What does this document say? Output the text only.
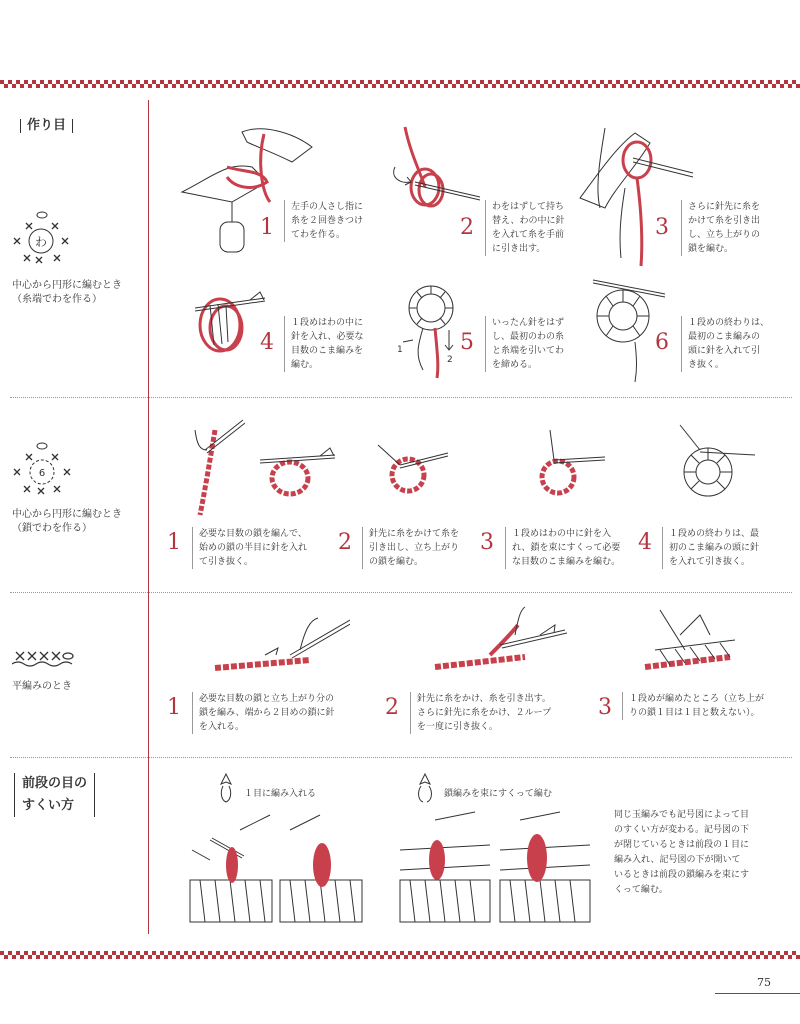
作り目
わ
中心から円形に編むとき
（糸端でわを作る）
1
左手の人さし指に
糸を２回巻きつけ
てわを作る。	2
わをはずして持ち
替え、わの中に針
を入れて糸を手前
に引き出す。
3
さらに針先に糸を
かけて糸を引き出
し、立ち上がりの
鎖を編む。
4
１段めはわの中に
針を入れ、必要な
目数のこま編みを
編む。
1
2
5
いったん針をはず
し、最初のわの糸
と糸端を引いてわ
を締める。
6
１段めの終わりは、
最初のこま編みの
頭に針を入れて引
き抜く。
6
中心から円形に編むとき
（鎖でわを作る）
1	必要な目数の鎖を編んで、
始めの鎖の半目に針を入れ
て引き抜く。
2	針先に糸をかけて糸を
引き出し、立ち上がり
の鎖を編む。
3	１段めはわの中に針を入
れ、鎖を束にすくって必要
な目数のこま編みを編む。
4	１段めの終わりは、最
初のこま編みの頭に針
を入れて引き抜く。
平編みのとき
1	必要な目数の鎖と立ち上がり分の
鎖を編み、端から２目めの鎖に針
を入れる。
2	針先に糸をかけ、糸を引き出す。
さらに針先に糸をかけ、２ループ
を一度に引き抜く。
3	１段めが編めたところ（立ち上が
りの鎖１目は１目と数えない）。
前段の目の
すくい方
１目に編み入れる	鎖編みを束にすくって編む
同じ玉編みでも記号図によって目
のすくい方が変わる。記号図の下
が閉じているときは前段の１目に
編み入れ、記号図の下が開いて
いるときは前段の鎖編みを束にす
くって編む。
75
